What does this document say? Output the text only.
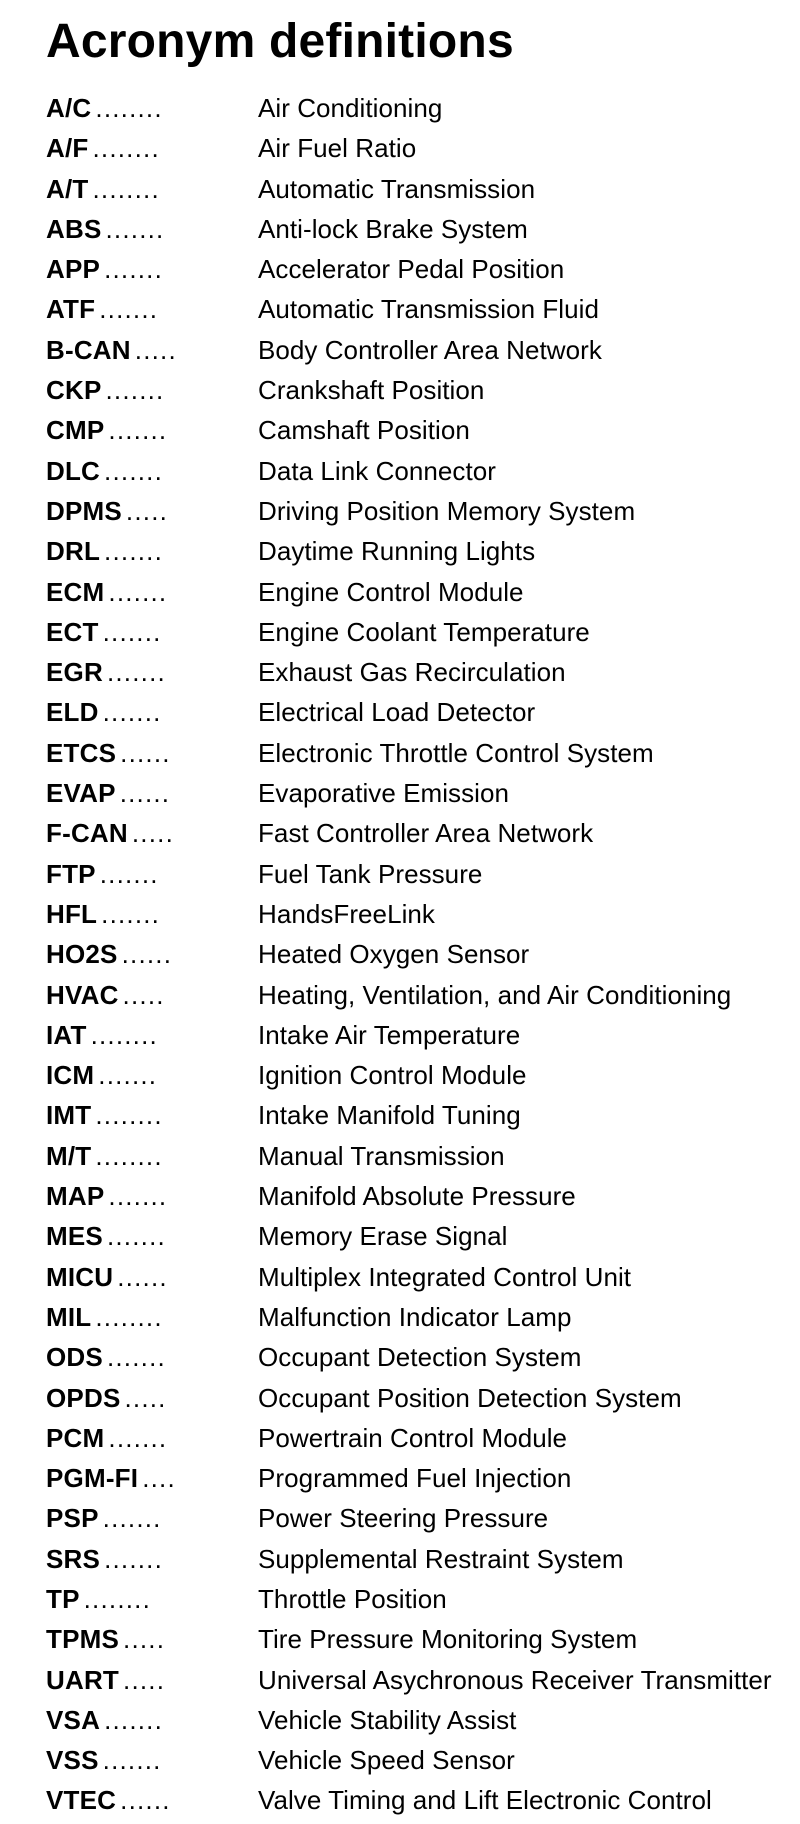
Acronym definitions
A/C ........	Air Conditioning
A/F ........	Air Fuel Ratio
A/T ........	Automatic Transmission
ABS .......	Anti-lock Brake System
APP .......	Accelerator Pedal Position
ATF .......	Automatic Transmission Fluid
B-CAN .....	Body Controller Area Network
CKP .......	Crankshaft Position
CMP .......	Camshaft Position
DLC .......	Data Link Connector
DPMS .....	Driving Position Memory System
DRL .......	Daytime Running Lights
ECM .......	Engine Control Module
ECT .......	Engine Coolant Temperature
EGR .......	Exhaust Gas Recirculation
ELD .......	Electrical Load Detector
ETCS ......	Electronic Throttle Control System
EVAP ......	Evaporative Emission
F-CAN .....	Fast Controller Area Network
FTP .......	Fuel Tank Pressure
HFL .......	HandsFreeLink
HO2S ......	Heated Oxygen Sensor
HVAC .....	Heating, Ventilation, and Air Conditioning
IAT ........	Intake Air Temperature
ICM .......	Ignition Control Module
IMT ........	Intake Manifold Tuning
M/T ........	Manual Transmission
MAP .......	Manifold Absolute Pressure
MES .......	Memory Erase Signal
MICU ......	Multiplex Integrated Control Unit
MIL ........	Malfunction Indicator Lamp
ODS .......	Occupant Detection System
OPDS .....	Occupant Position Detection System
PCM .......	Powertrain Control Module
PGM-FI ....	Programmed Fuel Injection
PSP .......	Power Steering Pressure
SRS .......	Supplemental Restraint System
TP ........	Throttle Position
TPMS .....	Tire Pressure Monitoring System
UART .....	Universal Asychronous Receiver Transmitter
VSA .......	Vehicle Stability Assist
VSS .......	Vehicle Speed Sensor
VTEC ......	Valve Timing and Lift Electronic Control
